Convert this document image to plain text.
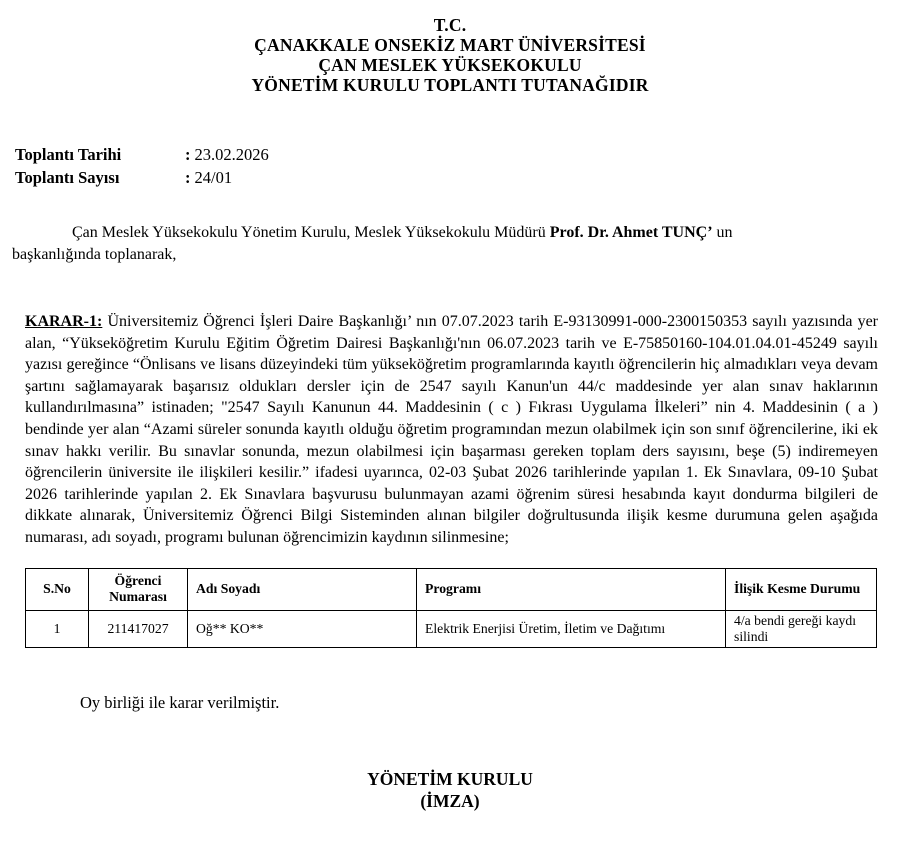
T.C.
ÇANAKKALE ONSEKİZ MART ÜNİVERSİTESİ
ÇAN MESLEK YÜKSEKOKULU
YÖNETİM KURULU TOPLANTI TUTANAĞIDIR
Toplantı Tarihi	: 23.02.2026
Toplantı Sayısı	: 24/01

Çan Meslek Yüksekokulu Yönetim Kurulu, Meslek Yüksekokulu Müdürü Prof. Dr. Ahmet TUNÇ’ un
başkanlığında toplanarak,

KARAR-1: Üniversitemiz Öğrenci İşleri Daire Başkanlığı’ nın 07.07.2023 tarih E-93130991-000-2300150353 sayılı yazısında yer alan, “Yükseköğretim Kurulu Eğitim Öğretim Dairesi Başkanlığı'nın 06.07.2023 tarih ve E-75850160-104.01.04.01-45249 sayılı yazısı gereğince “Önlisans ve lisans düzeyindeki tüm yükseköğretim programlarında kayıtlı öğrencilerin hiç almadıkları veya devam şartını sağlamayarak başarısız oldukları dersler için de 2547 sayılı Kanun'un 44/c maddesinde yer alan sınav haklarının kullandırılmasına” istinaden; "2547 Sayılı Kanunun 44. Maddesinin ( c ) Fıkrası Uygulama İlkeleri” nin 4. Maddesinin ( a ) bendinde yer alan “Azami süreler sonunda kayıtlı olduğu öğretim programından mezun olabilmek için son sınıf öğrencilerine, iki ek sınav hakkı verilir. Bu sınavlar sonunda, mezun olabilmesi için başarması gereken toplam ders sayısını, beşe (5) indiremeyen öğrencilerin üniversite ile ilişkileri kesilir.” ifadesi uyarınca, 02-03 Şubat 2026 tarihlerinde yapılan 1. Ek Sınavlara, 09-10 Şubat 2026 tarihlerinde yapılan 2. Ek Sınavlara başvurusu bulunmayan azami öğrenim süresi hesabında kayıt dondurma bilgileri de dikkate alınarak, Üniversitemiz Öğrenci Bilgi Sisteminden alınan bilgiler doğrultusunda ilişik kesme durumuna gelen aşağıda numarası, adı soyadı, programı bulunan öğrencimizin kaydının silinmesine;

S.No	Öğrenci Numarası	Adı Soyadı	Programı	İlişik Kesme Durumu
1	211417027	Oğ** KO**	Elektrik Enerjisi Üretim, İletim ve Dağıtımı	4/a bendi gereği kaydı silindi

Oy birliği ile karar verilmiştir.

YÖNETİM KURULU
(İMZA)
